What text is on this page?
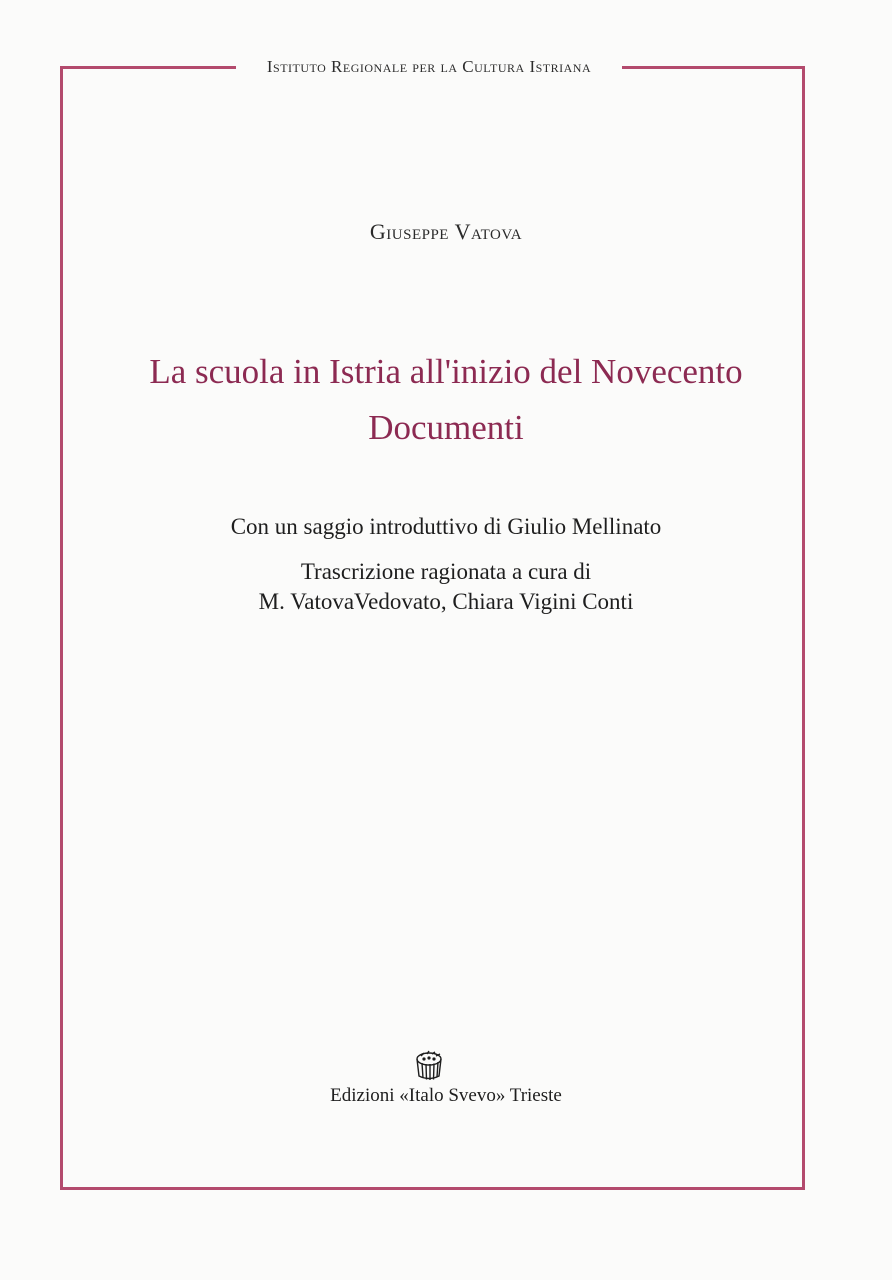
Istituto Regionale per la Cultura Istriana
Giuseppe Vatova
La scuola in Istria all'inizio del Novecento
Documenti
Con un saggio introduttivo di Giulio Mellinato
Trascrizione ragionata a cura di
M. VatovaVedovato, Chiara Vigini Conti
Edizioni «Italo Svevo» Trieste
